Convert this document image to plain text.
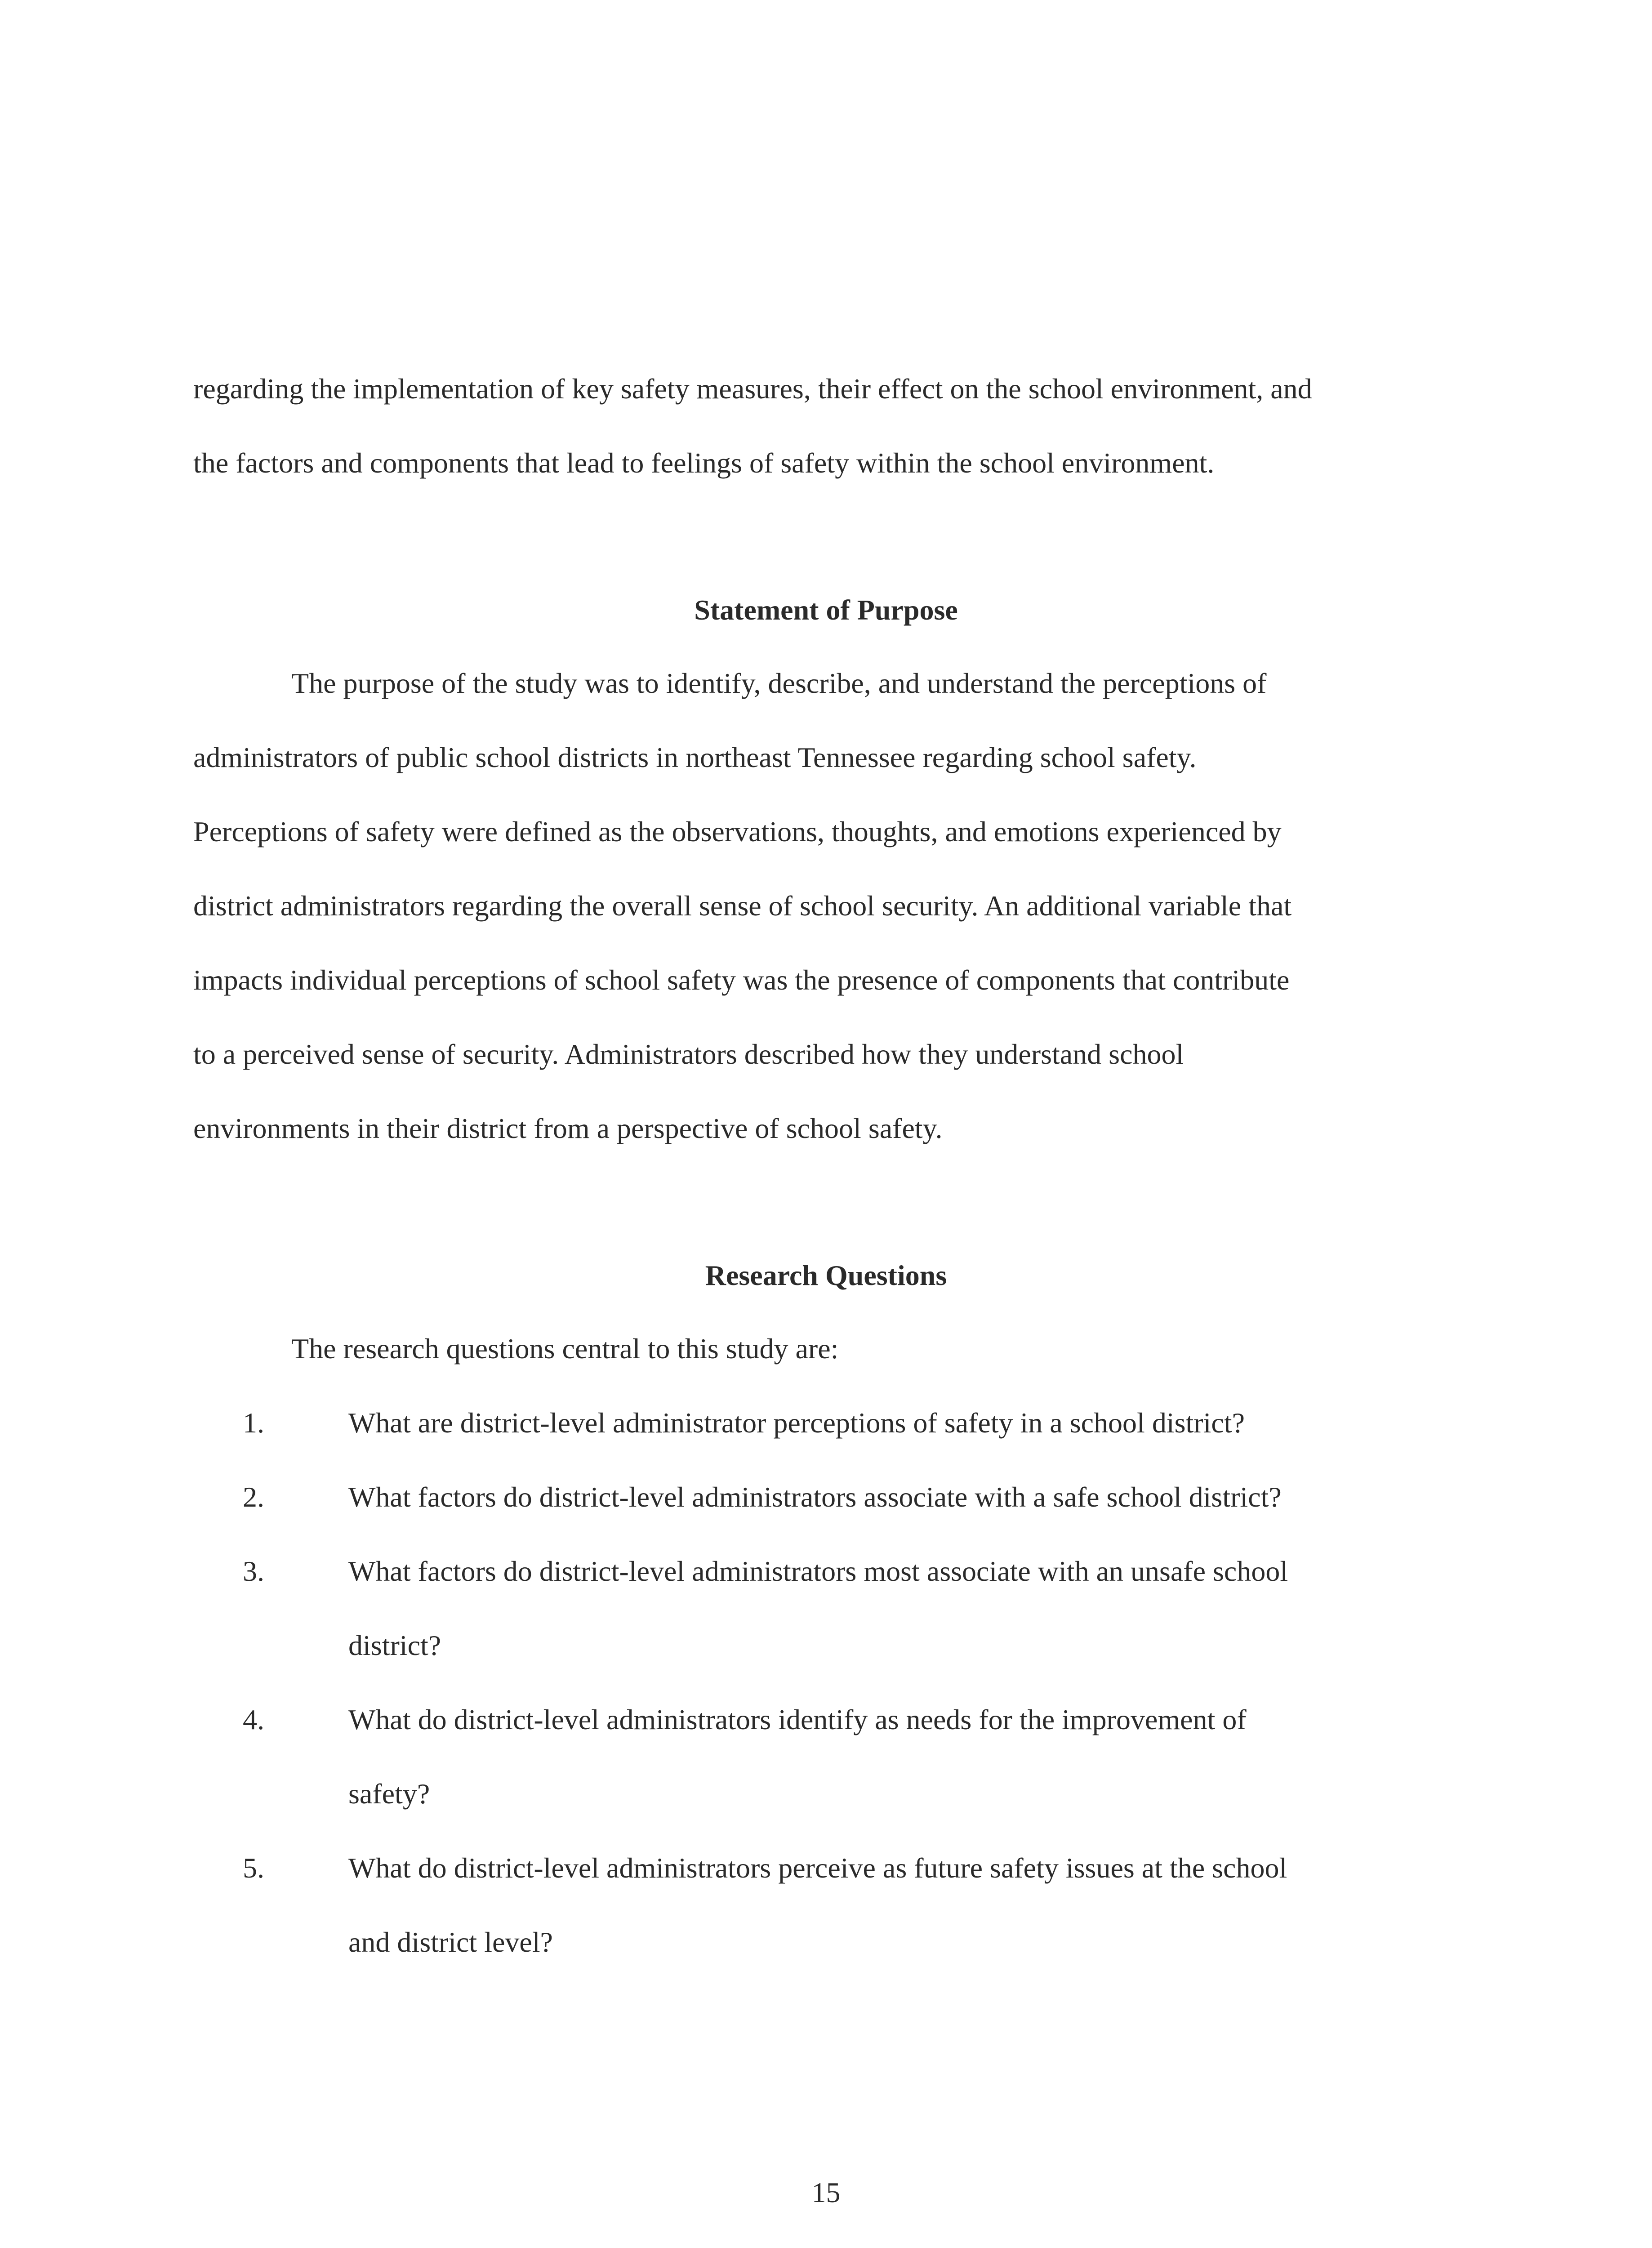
regarding the implementation of key safety measures, their effect on the school environment, and
the factors and components that lead to feelings of safety within the school environment.
Statement of Purpose
The purpose of the study was to identify, describe, and understand the perceptions of
administrators of public school districts in northeast Tennessee regarding school safety.
Perceptions of safety were defined as the observations, thoughts, and emotions experienced by
district administrators regarding the overall sense of school security. An additional variable that
impacts individual perceptions of school safety was the presence of components that contribute
to a perceived sense of security. Administrators described how they understand school
environments in their district from a perspective of school safety.
Research Questions
The research questions central to this study are:
1.	What are district-level administrator perceptions of safety in a school district?
2.	What factors do district-level administrators associate with a safe school district?
3.	What factors do district-level administrators most associate with an unsafe school
district?
4.	What do district-level administrators identify as needs for the improvement of
safety?
5.	What do district-level administrators perceive as future safety issues at the school
and district level?
15
